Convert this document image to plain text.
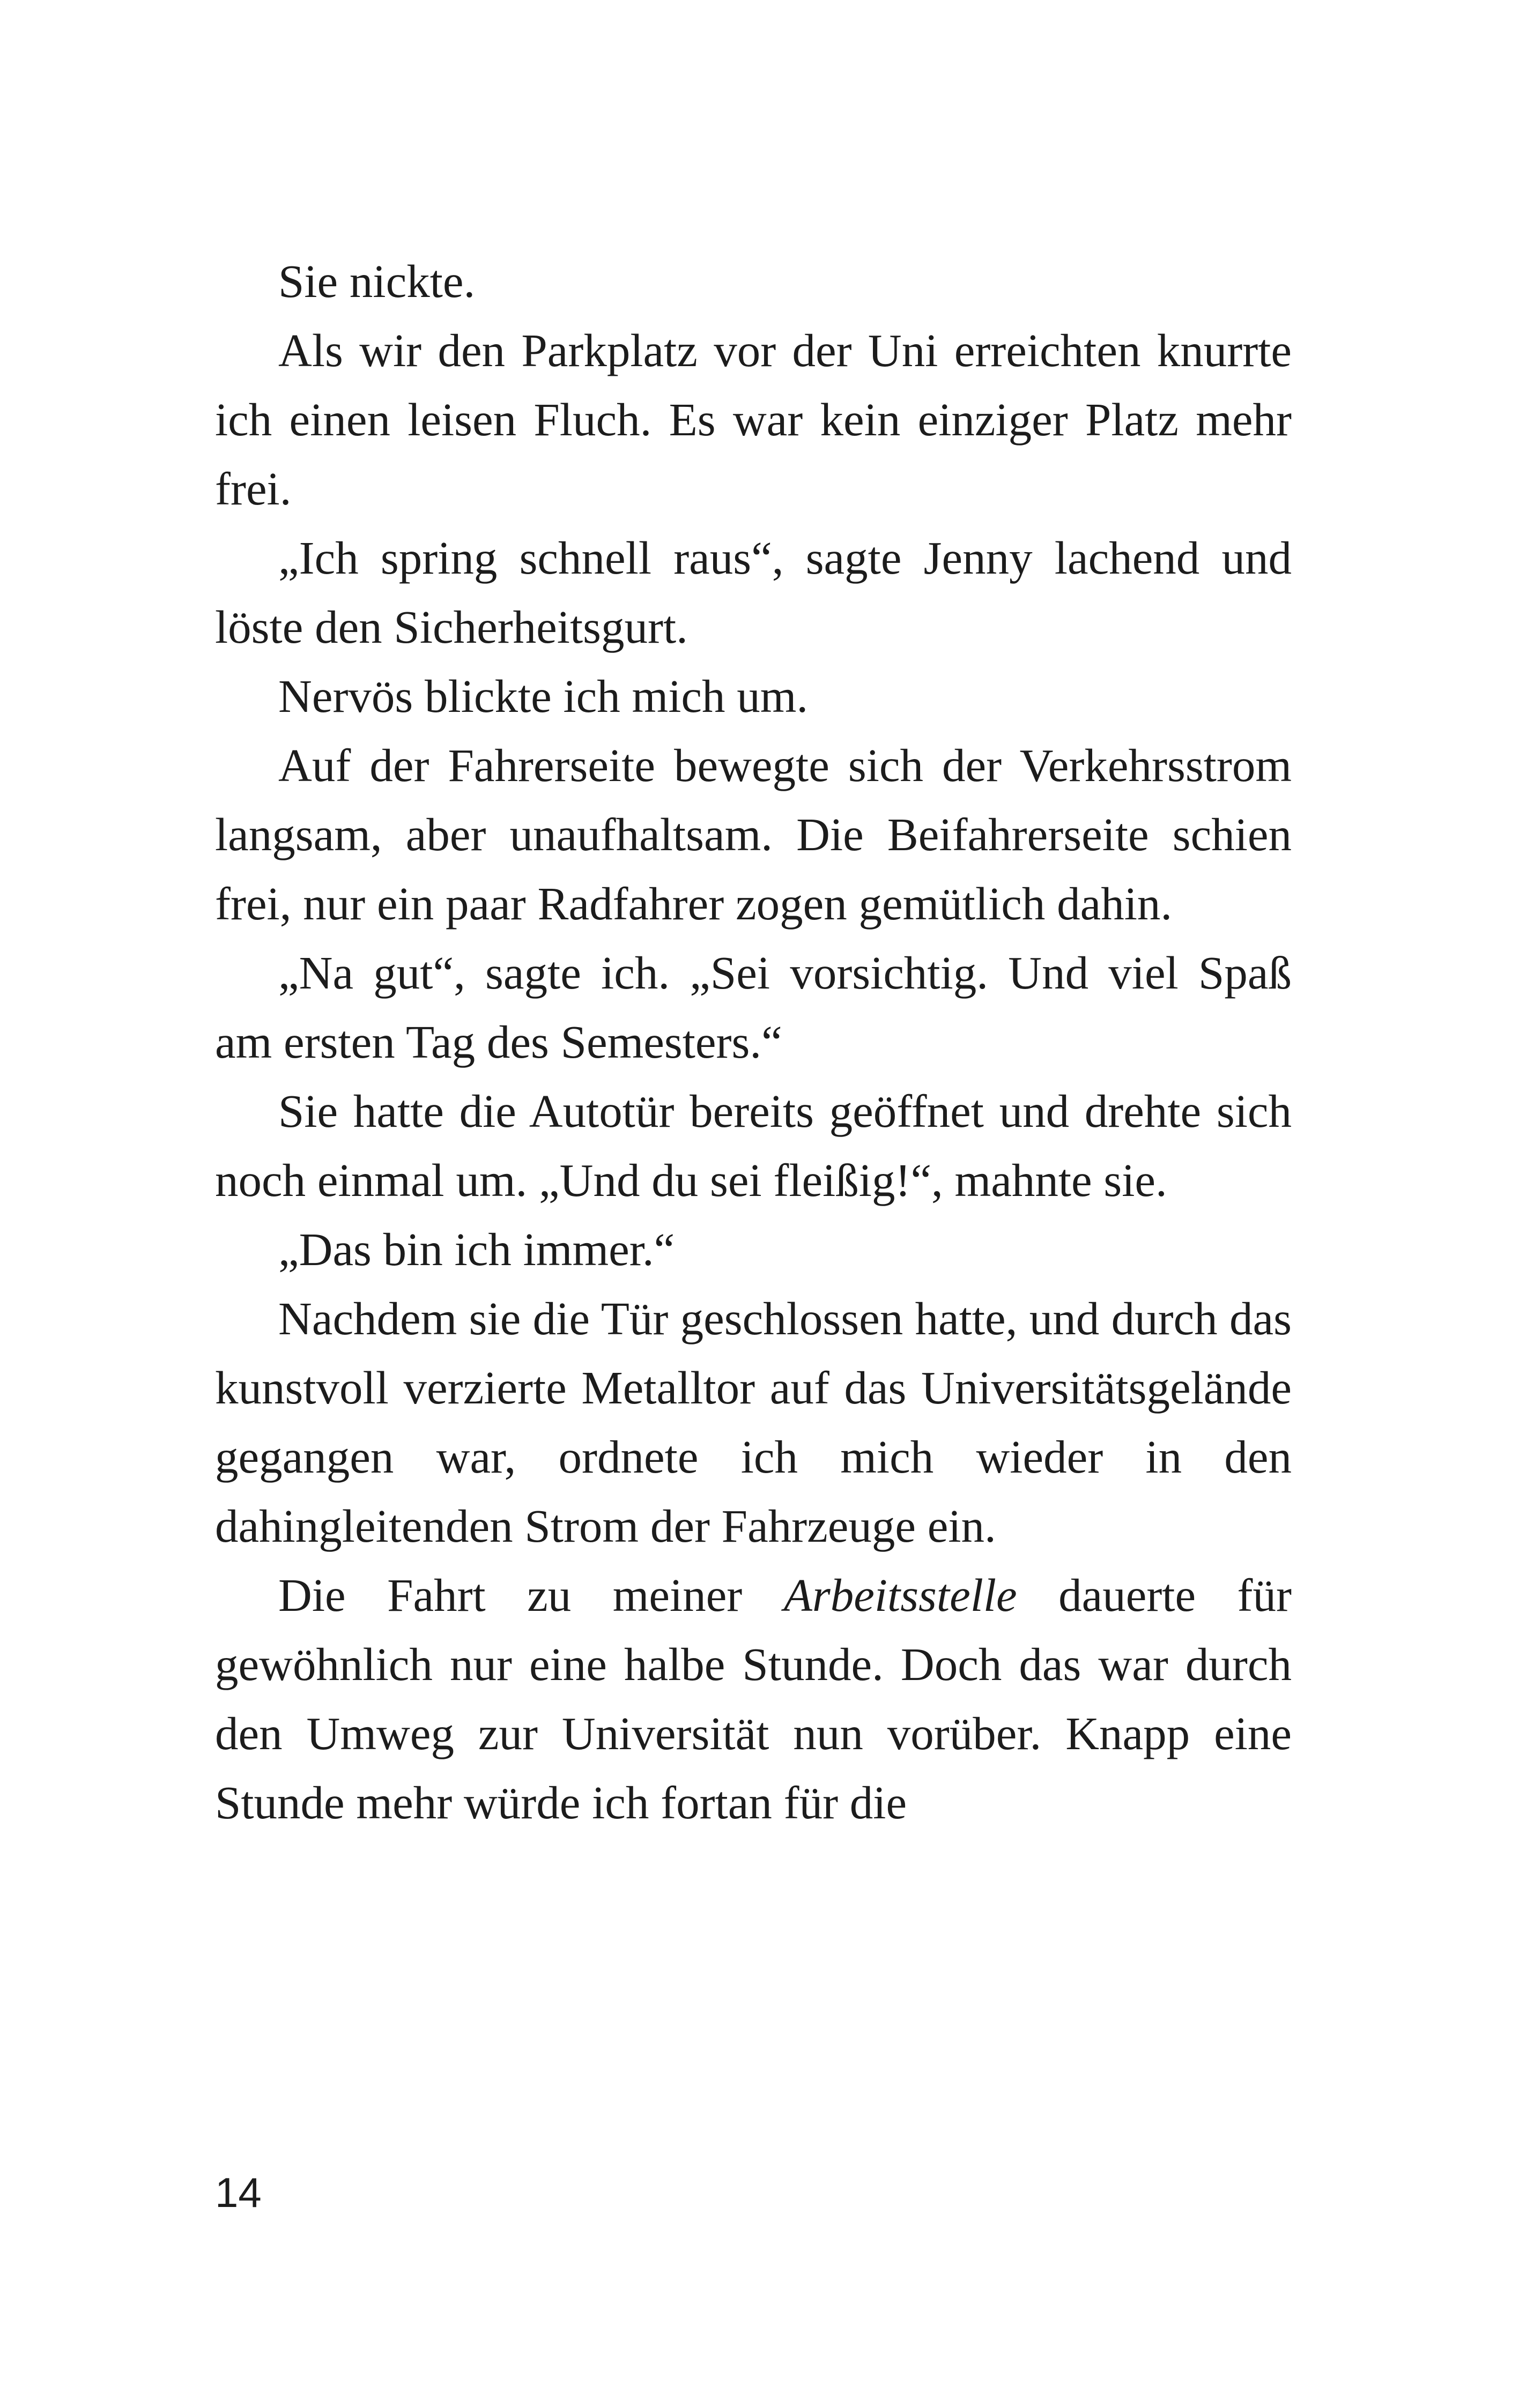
Sie nickte.

Als wir den Parkplatz vor der Uni erreichten knurrte ich einen leisen Fluch. Es war kein einziger Platz mehr frei.

„Ich spring schnell raus“, sagte Jenny lachend und löste den Sicherheitsgurt.

Nervös blickte ich mich um.

Auf der Fahrerseite bewegte sich der Verkehrsstrom langsam, aber unaufhaltsam. Die Beifahrerseite schien frei, nur ein paar Radfahrer zogen gemütlich dahin.

„Na gut“, sagte ich. „Sei vorsichtig. Und viel Spaß am ersten Tag des Semesters.“

Sie hatte die Autotür bereits geöffnet und drehte sich noch einmal um. „Und du sei fleißig!“, mahnte sie.

„Das bin ich immer.“

Nachdem sie die Tür geschlossen hatte, und durch das kunstvoll verzierte Metalltor auf das Universitätsgelände gegangen war, ordnete ich mich wieder in den dahingleitenden Strom der Fahrzeuge ein.

Die Fahrt zu meiner Arbeitsstelle dauerte für gewöhnlich nur eine halbe Stunde. Doch das war durch den Umweg zur Universität nun vorüber. Knapp eine Stunde mehr würde ich fortan für die

14
